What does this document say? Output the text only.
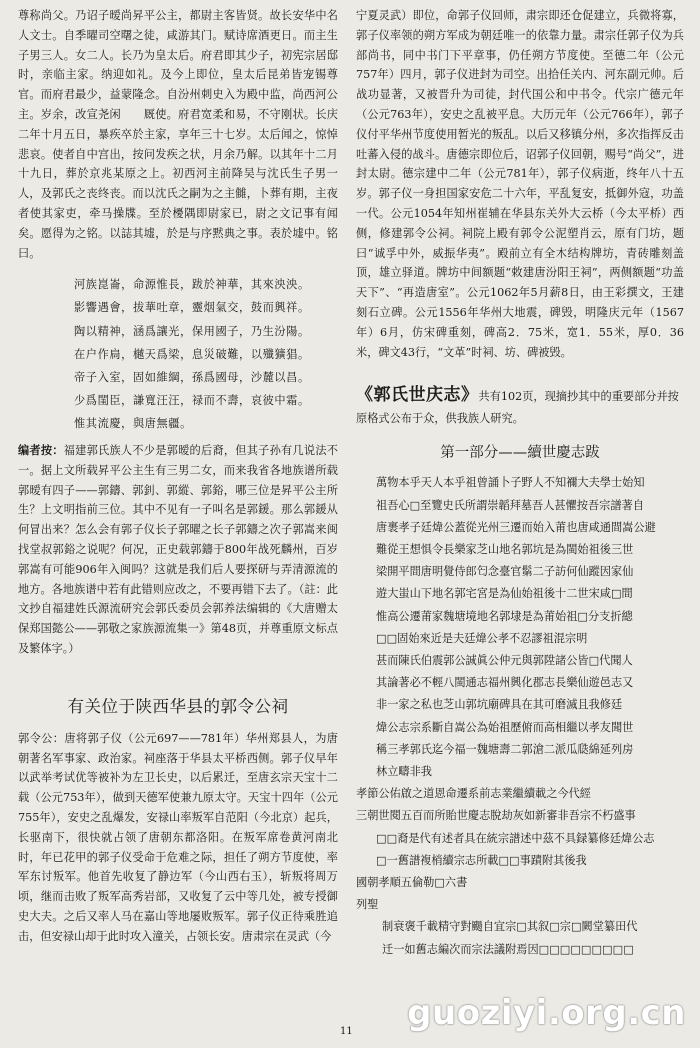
尊称尚父。乃诏子暧尚昇平公主，都尉主客皆贤。故长安华中名人文士。自季曜司空曙之徒，咸游其门。赋诗席酒更日。而主生子男三人。女二人。长乃为皇太后。府君即其少子，初宪宗居邸时，亲临主家。纳迎如礼。及今上即位，皇太后昆弟皆宠锡尊官。而府君最少，益蒙隆念。自汾州刺史入为殿中监，尚西河公主。岁余，改宣尧闲　　厩使。府君宽柔和易，不守刚状。长庆二年十月五日，暴疾卒於主家，享年三十七岁。太后闻之，惊悼悲哀。使者自中宫出，按问发疾之状，月余乃解。以其年十二月十九日，葬於京兆某原之上。初西河主前降吴与沈氏生子男一人，及郭氏之丧终丧。而以沈氏之嗣为之主雠，卜葬有期，主夜者使其家吏，牵马操牒。至於櫌隅即尉家已，尉之文记事有闻矣。愿得为之铭。以誌其墟，於是与序黙典之事。表於墟中。铭曰。

河族崑崙，命源惟長，跋於神華，其來泱泱。
影響遇會，拔華吐章，靈烟氣交，鼓而興祥。
陶以精神，涵爲讓光，保用國子，乃生汾陽。
在户作扃，樾天爲梁，息災破難，以殲獷猖。
帝子入室，固如維綱，孫爲國母，沙麓以昌。
少爲閨臣，謙寬汪汪，禄而不壽，哀彼中霜。
惟其流慶，與唐無疆。

编者按：福建郭氏族人不少是郭暧的后裔，但其子孙有几说法不一。据上文所载昇平公主生有三男二女，而来我省各地族谱所载郭暧有四子——郭鑄、郭釗、郭縱、郭鋊，哪三位是昇平公主所生？上文明指前三位。其中不见有一子叫名是郭鍰。那么郭鍰从何冒出来？怎么会有郭子仪长子郭曜之长子郭鑄之次子郭嵩来闽找堂叔郭鋊之说呢？何况，正史载郭鑄于800年战死麟州，百岁郭嵩有可能906年入闽吗？这就是我们后人要探研与弄清源流的地方。各地族谱中若有此错则应改之，不要再错下去了。（註：此文抄自福建姓氏源流研究会郭氏委员会郭养法编辑的《大唐赠太保郑国懿公——郭敬之家族源流集一》第48页，并尊重原文标点及繁体字。）

有关位于陕西华县的郭令公祠

郭令公：唐将郭子仪（公元697——781年）华州郑县人，为唐朝著名军事家、政治家。祠座落于华县太平桥西侧。郭子仪早年以武举考试优等被补为左卫长史，以后累迁，至唐玄宗天宝十二载（公元753年），做到天德军使兼九原太守。天宝十四年（公元755年），安史之乱爆发，安禄山率叛军自范阳（今北京）起兵，长驱南下，很快就占领了唐朝东都洛阳。在叛军席卷黄河南北时，年已花甲的郭子仪受命于危难之际，担任了朔方节度使，率军东讨叛军。他首先收复了静边军（今山西右玉），斩叛将周万顷，继而击败了叛军高秀岩部，又收复了云中等几处，被专授御史大夫。之后又率人马在嘉山等地屡败叛军。郭子仪正待乘胜追击，但安禄山却于此时攻入潼关，占领长安。唐肃宗在灵武（今

宁夏灵武）即位，命郭子仪回师，肃宗即还仓促建立，兵微将寡，郭子仪率领的朔方军成为朝廷唯一的依靠力量。肃宗任郭子仪为兵部尚书，同中书门下平章事，仍任朔方节度使。至德二年（公元757年）四月，郭子仪进封为司空。出拾任关内、河东副元帅。后战功显著，又被晋升为司徒，封代国公和中书令。代宗广德元年（公元763年），安史之乱被平息。大历元年（公元766年），郭子仪付平华州节度使用暂光的叛乱。以后又移镇分州，多次指挥反击吐蕃入侵的战斗。唐德宗即位后，诏郭子仪回朝，赐号“尚父”，进封太尉。德宗建中二年（公元781年），郭子仪病逝，终年八十五岁。郭子仪一身担国家安危二十六年，平乱复安，抵御外寇，功盖一代。公元1054年知州崔辅在华县东关外大云桥（今太平桥）西侧，修建郭令公祠。祠院上殿有郭令公泥塑肖云，原有门坊，题曰“诚孚中外，威振华夷”。殿前立有全木结构牌坊，青砖雕刻盖顶，雄立驿道。牌坊中间额题“敕建唐汾阳王祠”，两侧额题“功盖天下”、“再造唐室”。公元1062年5月薪8日，由王彩撰文，王建刻石立碑。公元1556年华州大地震，碑毁，明隆庆元年（1567年）6月，仿宋碑重刻，碑高2．75米，宽1．55米，厚0．36米，碑文43行，“文革”时祠、坊、碑被毁。

《郭氏世庆志》共有102页，现摘抄其中的重要部分并按原格式公布于众，供我族人研究。

第一部分——續世慶志跋
萬物本乎天人本乎祖曾誦卜子野人不知禰大夫學士始知
祖吾心□至覽史氏所謂崇韜拜墓吾人甚懼按吾宗譜著自
唐裹孝子廷煒公蓋從光州三遷而始入莆也唐咸通間嵩公避
難從王想惧令長樂家芝山地名郭坑是為閩始祖後三世
梁開平間唐明覺侍郎匄念臺官鬀二子訪何仙蹤因家仙
遊大蚩山下地名郭宅宮是為仙始祖後十二世宋咸□間
惟高公遷莆家魏塘境地名郭埭是為莆始祖□分支折總
□□固始來近是夫廷煒公孝不忍謬祖混宗明
甚而陳氏伯震郭公誠眞公仲元與郭陞諸公皆□代聞人
其論著必不輕八閩通志福州興化郡志長樂仙遊邑志又
非一家之私也芝山郭坑廟碑具在其可磨滅且我修廷
煒公志宗系斷自嵩公為始祖歷俯而高相繼以孝友聞世
稱三孝郭氏迄今福一魏塘壽二郭滄二派瓜瓞綿延列房
林立疇非我
孝節公佑啟之道恩命遷系前志業繼續載之今代經
三朝世閱五百而所貽世慶志脫劫灰如新審非吾宗不朽盛事
□□裔是代有述者具在統宗譜述中茲不具録纂修廷煒公志
□一舊譜複梢續宗志所載□□事蹟附其後我
國朝孝順五倫勒□六書
列聖
制衰褒千載精守對颺自宜宗□其叙□宗□闕堂纂田代
迁一如舊志編次而宗法議附焉因□□□□□□□□□
11 guoziyi.org.cn
